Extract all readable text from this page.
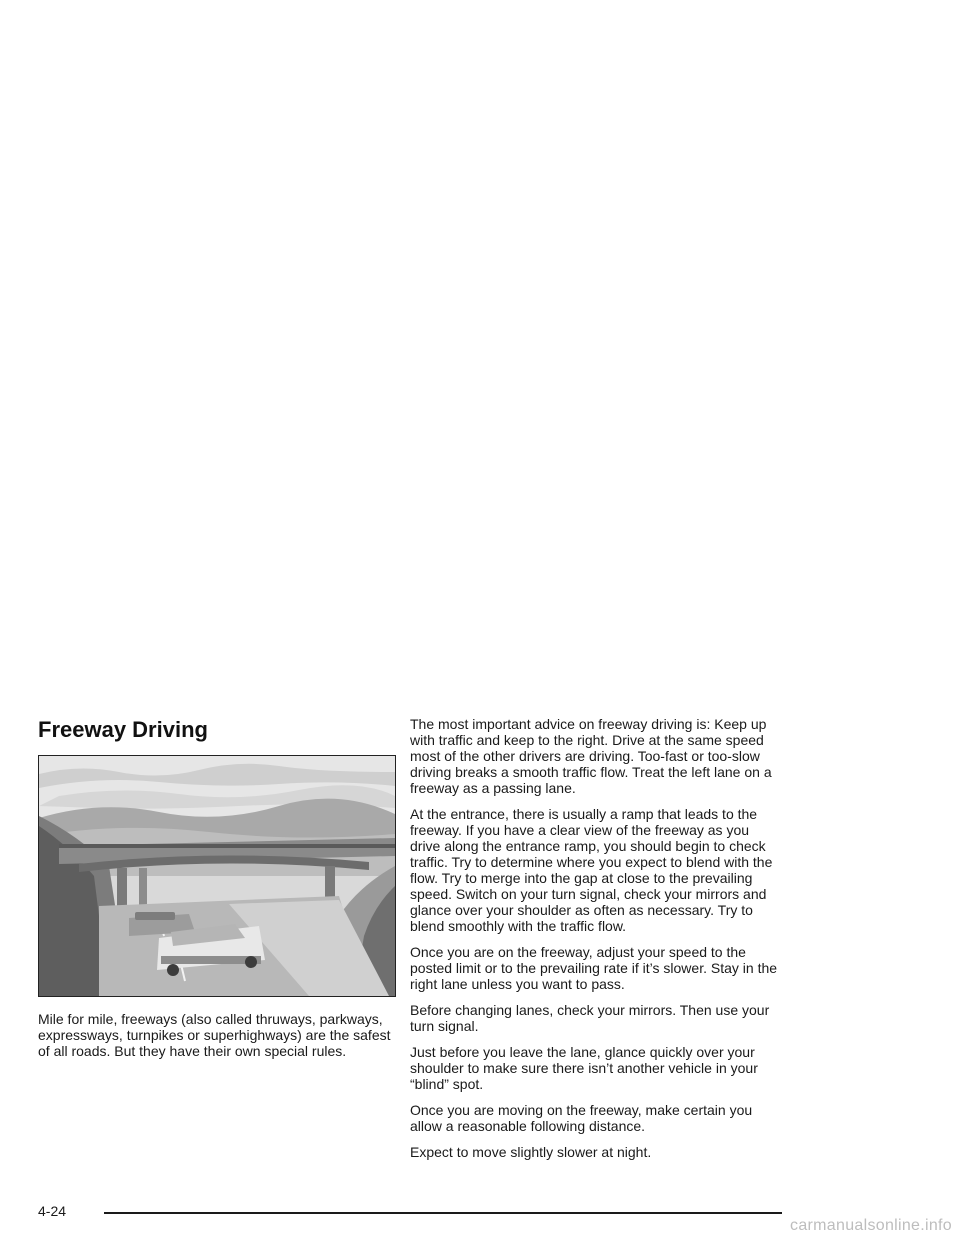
Freeway Driving

Mile for mile, freeways (also called thruways, parkways, expressways, turnpikes or superhighways) are the safest of all roads. But they have their own special rules.

The most important advice on freeway driving is: Keep up with traffic and keep to the right. Drive at the same speed most of the other drivers are driving. Too-fast or too-slow driving breaks a smooth traffic flow. Treat the left lane on a freeway as a passing lane.

At the entrance, there is usually a ramp that leads to the freeway. If you have a clear view of the freeway as you drive along the entrance ramp, you should begin to check traffic. Try to determine where you expect to blend with the flow. Try to merge into the gap at close to the prevailing speed. Switch on your turn signal, check your mirrors and glance over your shoulder as often as necessary. Try to blend smoothly with the traffic flow.

Once you are on the freeway, adjust your speed to the posted limit or to the prevailing rate if it’s slower. Stay in the right lane unless you want to pass.

Before changing lanes, check your mirrors. Then use your turn signal.

Just before you leave the lane, glance quickly over your shoulder to make sure there isn’t another vehicle in your “blind” spot.

Once you are moving on the freeway, make certain you allow a reasonable following distance.

Expect to move slightly slower at night.

4-24
carmanualsonline.info
